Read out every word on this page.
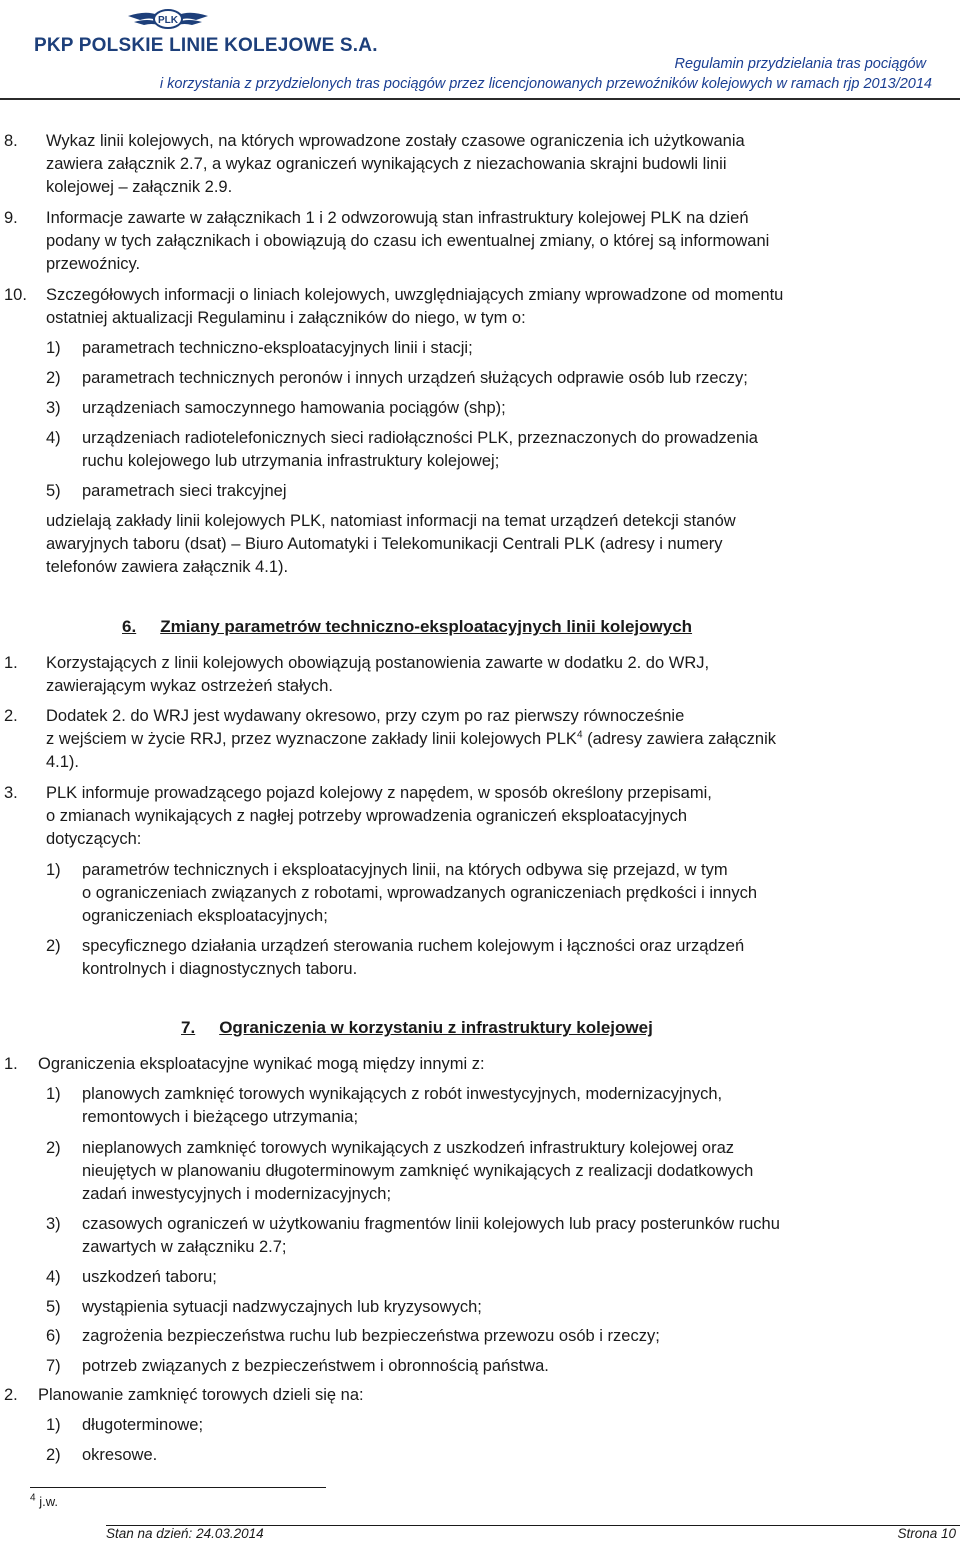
PLK
PKP POLSKIE LINIE KOLEJOWE S.A.
Regulamin przydzielania tras pociągów
i korzystania z przydzielonych tras pociągów przez licencjonowanych przewoźników kolejowych w ramach rjp 2013/2014
8. Wykaz linii kolejowych, na których wprowadzone zostały czasowe ograniczenia ich użytkowania
zawiera załącznik 2.7, a wykaz ograniczeń wynikających z niezachowania skrajni budowli linii
kolejowej – załącznik 2.9.
9. Informacje zawarte w załącznikach 1 i 2 odwzorowują stan infrastruktury kolejowej PLK na dzień
podany w tych załącznikach i obowiązują do czasu ich ewentualnej zmiany, o której są informowani
przewoźnicy.
10. Szczegółowych informacji o liniach kolejowych, uwzględniających zmiany wprowadzone od momentu
ostatniej aktualizacji Regulaminu i załączników do niego, w tym o:
1) parametrach techniczno-eksploatacyjnych linii i stacji;
2) parametrach technicznych peronów i innych urządzeń służących odprawie osób lub rzeczy;
3) urządzeniach samoczynnego hamowania pociągów (shp);
4) urządzeniach radiotelefonicznych sieci radiołączności PLK, przeznaczonych do prowadzenia
ruchu kolejowego lub utrzymania infrastruktury kolejowej;
5) parametrach sieci trakcyjnej
udzielają zakłady linii kolejowych PLK, natomiast informacji na temat urządzeń detekcji stanów
awaryjnych taboru (dsat) – Biuro Automatyki i Telekomunikacji Centrali PLK (adresy i numery
telefonów zawiera załącznik 4.1).
6. Zmiany parametrów techniczno-eksploatacyjnych linii kolejowych
1. Korzystających z linii kolejowych obowiązują postanowienia zawarte w dodatku 2. do WRJ,
zawierającym wykaz ostrzeżeń stałych.
2. Dodatek 2. do WRJ jest wydawany okresowo, przy czym po raz pierwszy równocześnie
z wejściem w życie RRJ, przez wyznaczone zakłady linii kolejowych PLK$^4$ (adresy zawiera załącznik
4.1).
3. PLK informuje prowadzącego pojazd kolejowy z napędem, w sposób określony przepisami,
o zmianach wynikających z nagłej potrzeby wprowadzenia ograniczeń eksploatacyjnych
dotyczących:
1) parametrów technicznych i eksploatacyjnych linii, na których odbywa się przejazd, w tym
o ograniczeniach związanych z robotami, wprowadzanych ograniczeniach prędkości i innych
ograniczeniach eksploatacyjnych;
2) specyficznego działania urządzeń sterowania ruchem kolejowym i łączności oraz urządzeń
kontrolnych i diagnostycznych taboru.
7. Ograniczenia w korzystaniu z infrastruktury kolejowej
1. Ograniczenia eksploatacyjne wynikać mogą między innymi z:
1) planowych zamknięć torowych wynikających z robót inwestycyjnych, modernizacyjnych,
remontowych i bieżącego utrzymania;
2) nieplanowych zamknięć torowych wynikających z uszkodzeń infrastruktury kolejowej oraz
nieujętych w planowaniu długoterminowym zamknięć wynikających z realizacji dodatkowych
zadań inwestycyjnych i modernizacyjnych;
3) czasowych ograniczeń w użytkowaniu fragmentów linii kolejowych lub pracy posterunków ruchu
zawartych w załączniku 2.7;
4) uszkodzeń taboru;
5) wystąpienia sytuacji nadzwyczajnych lub kryzysowych;
6) zagrożenia bezpieczeństwa ruchu lub bezpieczeństwa przewozu osób i rzeczy;
7) potrzeb związanych z bezpieczeństwem i obronnością państwa.
2. Planowanie zamknięć torowych dzieli się na:
1) długoterminowe;
2) okresowe.
$^4$ j.w.
Stan na dzień: 24.03.2014	Strona 10
